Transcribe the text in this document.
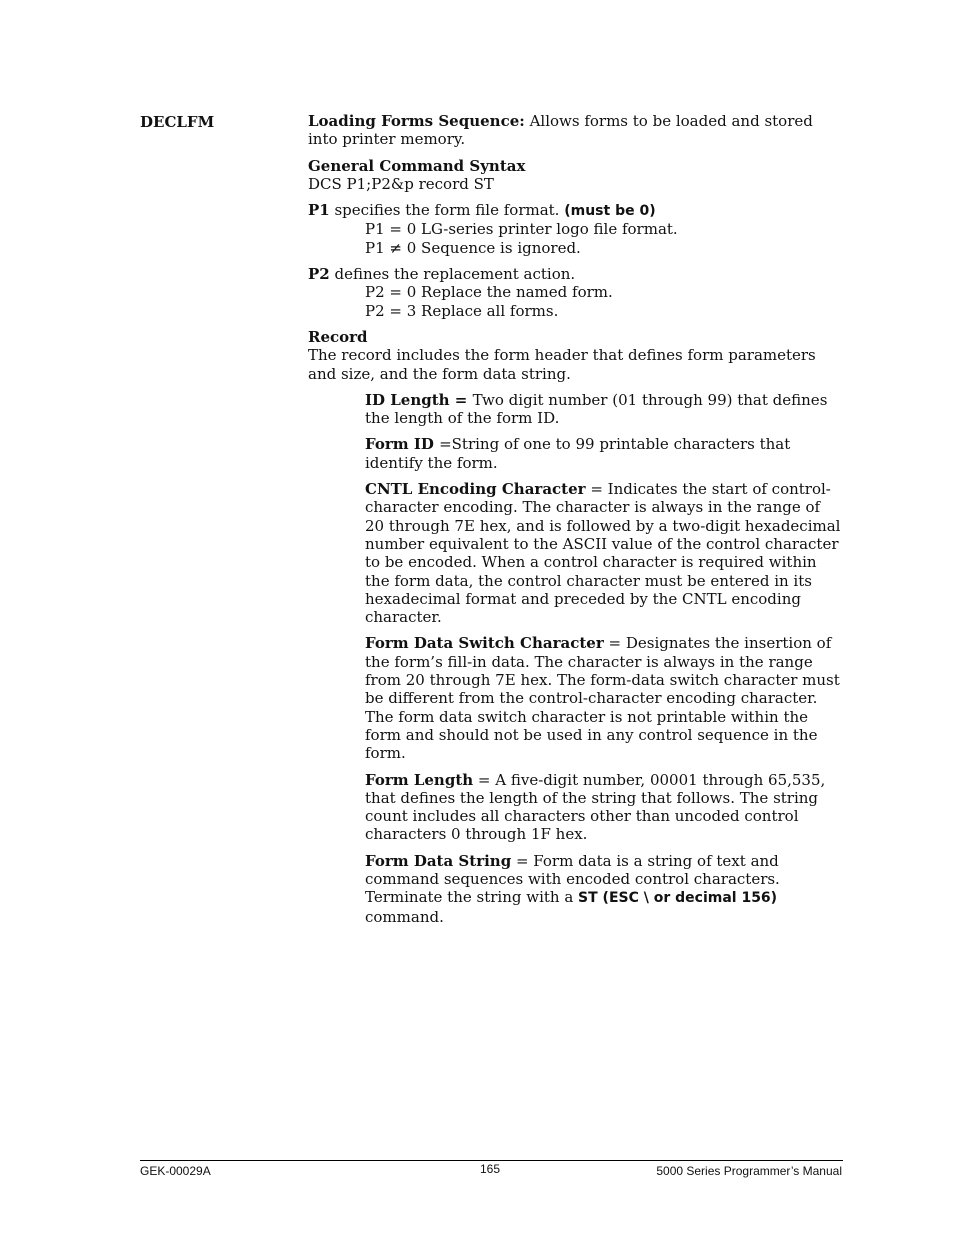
DECLFM	Loading Forms Sequence: Allows forms to be loaded and stored into printer memory.

General Command Syntax
DCS P1;P2&p record ST

P1 specifies the form file format. (must be 0)

P1 = 0 LG-series printer logo file format.

P1 ≠ 0 Sequence is ignored.

P2 defines the replacement action.

P2 = 0 Replace the named form.

P2 = 3 Replace all forms.

Record
The record includes the form header that defines form parameters and size, and the form data string.

ID Length = Two digit number (01 through 99) that defines the length of the form ID.

Form ID =String of one to 99 printable characters that identify the form.

CNTL Encoding Character = Indicates the start of control-character encoding. The character is always in the range of 20 through 7E hex, and is followed by a two-digit hexadecimal number equivalent to the ASCII value of the control character to be encoded. When a control character is required within the form data, the control character must be entered in its hexadecimal format and preceded by the CNTL encoding character.

Form Data Switch Character = Designates the insertion of the form’s fill-in data. The character is always in the range from 20 through 7E hex. The form-data switch character must be different from the control-character encoding character. The form data switch character is not printable within the form and should not be used in any control sequence in the form.

Form Length = A five-digit number, 00001 through 65,535, that defines the length of the string that follows. The string count includes all characters other than uncoded control characters 0 through 1F hex.

Form Data String = Form data is a string of text and command sequences with encoded control characters. Terminate the string with a ST (ESC \ or decimal 156) command.

GEK-00029A	165	5000 Series Programmer’s Manual
